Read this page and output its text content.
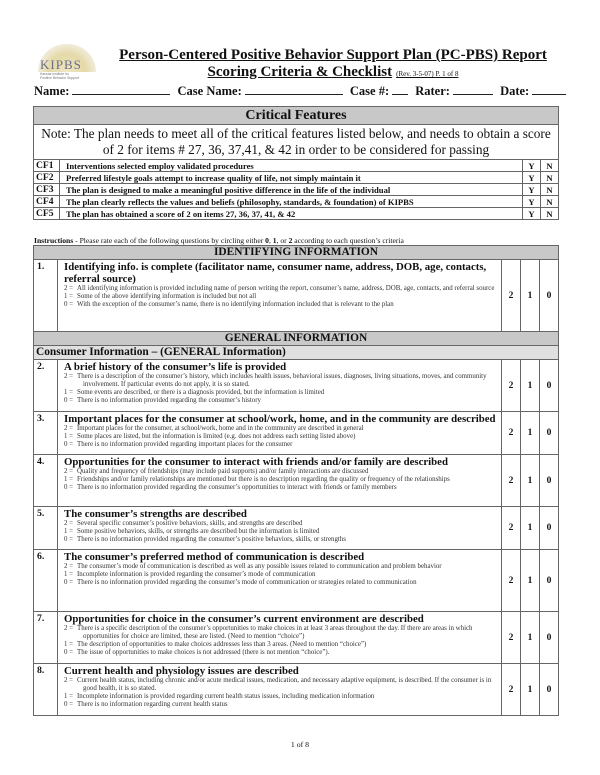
KIPBS
Kansas Institute for
Positive Behavior Support
Person-Centered Positive Behavior Support Plan (PC-PBS) Report
Scoring Criteria & Checklist (Rev. 3-5-07) P. 1 of 8
Name:	Case Name:	Case #: Rater:	Date:
Critical Features			
Note: The plan needs to meet all of the critical features listed below, and needs to obtain a score of 2 for items # 27, 36, 37,41, & 42 in order to be considered for passing			
CF1	Interventions selected employ validated procedures	Y	N
CF2	Preferred lifestyle goals attempt to increase quality of life, not simply maintain it	Y	N
CF3	The plan is designed to make a meaningful positive difference in the life of the individual	Y	N
CF4	The plan clearly reflects the values and beliefs (philosophy, standards, & foundation) of KIPBS	Y	N
CF5	The plan has obtained a score of 2 on items 27, 36, 37, 41, & 42	Y	N
Instructions - Please rate each of the following questions by circling either 0, 1, or 2 according to each question’s criteria
IDENTIFYING INFORMATION				
1.	Identifying info. is complete (facilitator name, consumer name, address, DOB, age, contacts, referral source)
2 = All identifying information is provided including name of person writing the report, consumer’s name, address, DOB, age, contacts, and referral source
1 = Some of the above identifying information is included but not all
0 = With the exception of the consumer’s name, there is no identifying information included that is relevant to the plan	2	1	0
GENERAL INFORMATION				
Consumer Information – (GENERAL Information)				
2.	A brief history of the consumer’s life is provided
2 = There is a description of the consumer’s history, which includes health issues, behavioral issues, diagnoses, living situations, moves, and community involvement. If particular events do not apply, it is so stated.
1 = Some events are described, or there is a diagnosis provided, but the information is limited
0 = There is no information provided regarding the consumer’s history	2	1	0
3.	Important places for the consumer at school/work, home, and in the community are described
2 = Important places for the consumer, at school/work, home and in the community are described in general
1 = Some places are listed, but the information is limited (e.g. does not address each setting listed above)
0 = There is no information provided regarding important places for the consumer	2	1	0
4.	Opportunities for the consumer to interact with friends and/or family are described
2 = Quality and frequency of friendships (may include paid supports) and/or family interactions are discussed
1 = Friendships and/or family relationships are mentioned but there is no description regarding the quality or frequency of the relationships
0 = There is no information provided regarding the consumer’s opportunities to interact with friends or family members	2	1	0
5.	The consumer’s strengths are described
2 = Several specific consumer’s positive behaviors, skills, and strengths are described
1 = Some positive behaviors, skills, or strengths are described but the information is limited
0 = There is no information provided regarding the consumer’s positive behaviors, skills, or strengths	2	1	0
6.	The consumer’s preferred method of communication is described
2 = The consumer’s mode of communication is described as well as any possible issues related to communication and problem behavior
1 = Incomplete information is provided regarding the consumer’s mode of communication
0 = There is no information provided regarding the consumer’s mode of communication or strategies related to communication	2	1	0
7.	Opportunities for choice in the consumer’s current environment are described
2 = There is a specific description of the consumer’s opportunities to make choices in at least 3 areas throughout the day. If there are areas in which opportunities for choice are limited, these are listed. (Need to mention “choice”)
1 = The description of opportunities to make choices addresses less than 3 areas. (Need to mention “choice”)
0 = The issue of opportunities to make choices is not addressed (there is not mention “choice”).	2	1	0
8.	Current health and physiology issues are described
2 = Current health status, including chronic and/or acute medical issues, medication, and necessary adaptive equipment, is described. If the consumer is in good health, it is so stated.
1 = Incomplete information is provided regarding current health status issues, including medication information
0 = There is no information regarding current health status	2	1	0
1 of 8
